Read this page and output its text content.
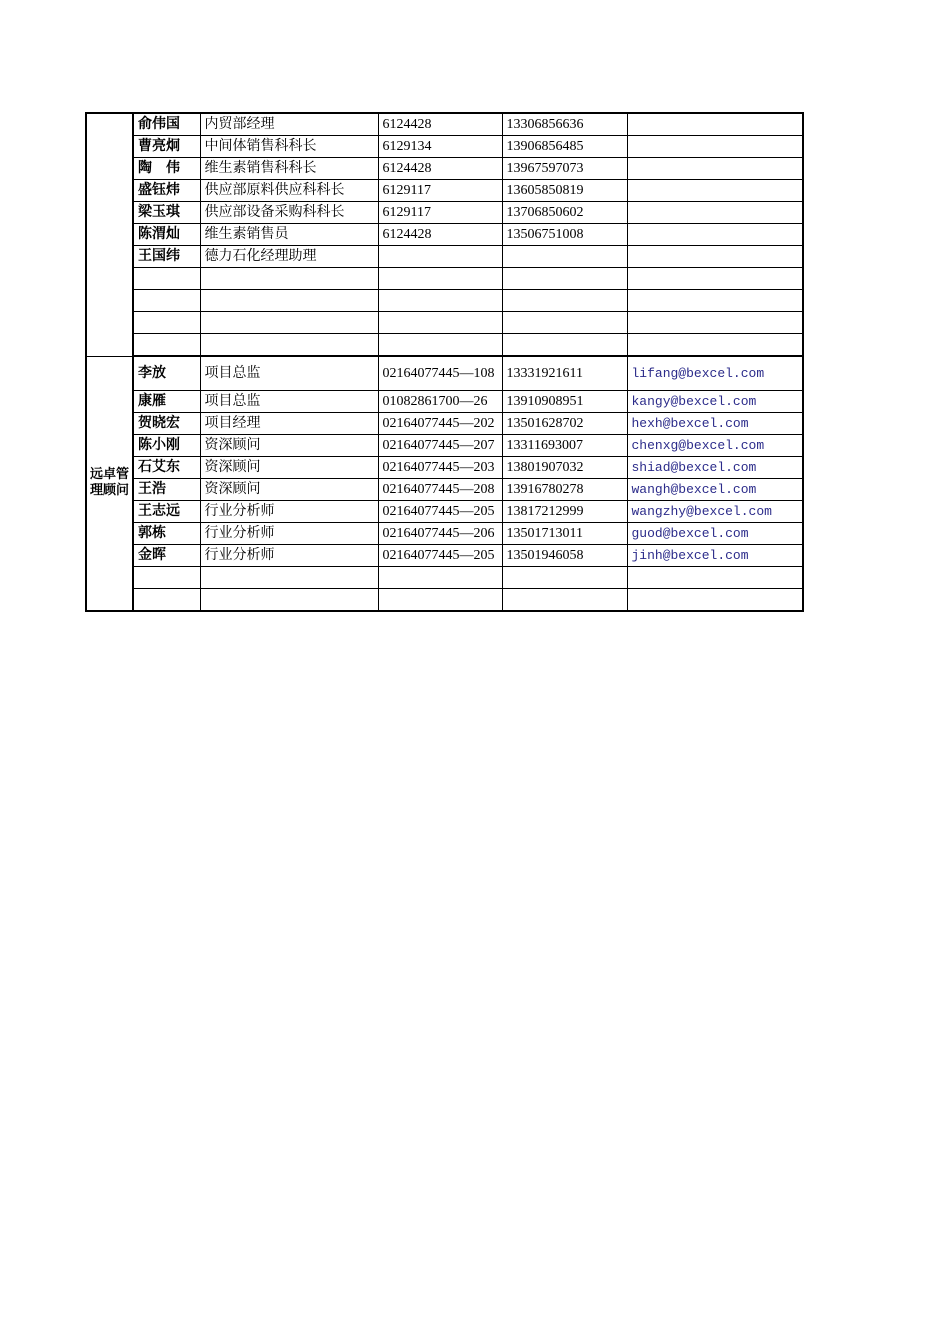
	俞伟国	内贸部经理	6124428	13306856636	
	曹亮炯	中间体销售科科长	6129134	13906856485	
	陶　伟	维生素销售科科长	6124428	13967597073	
	盛钰炜	供应部原料供应科科长	6129117	13605850819	
	梁玉琪	供应部设备采购科科长	6129117	13706850602	
	陈渭灿	维生素销售员	6124428	13506751008	
	王国纬	德力石化经理助理			

远卓管理顾问	李放	项目总监	02164077445—108	13331921611	lifang@bexcel.com
	康雁	项目总监	01082861700—26	13910908951	kangy@bexcel.com
	贺晓宏	项目经理	02164077445—202	13501628702	hexh@bexcel.com
	陈小刚	资深顾问	02164077445—207	13311693007	chenxg@bexcel.com
	石艾东	资深顾问	02164077445—203	13801907032	shiad@bexcel.com
	王浩	资深顾问	02164077445—208	13916780278	wangh@bexcel.com
	王志远	行业分析师	02164077445—205	13817212999	wangzhy@bexcel.com
	郭栋	行业分析师	02164077445—206	13501713011	guod@bexcel.com
	金晖	行业分析师	02164077445—205	13501946058	jinh@bexcel.com
